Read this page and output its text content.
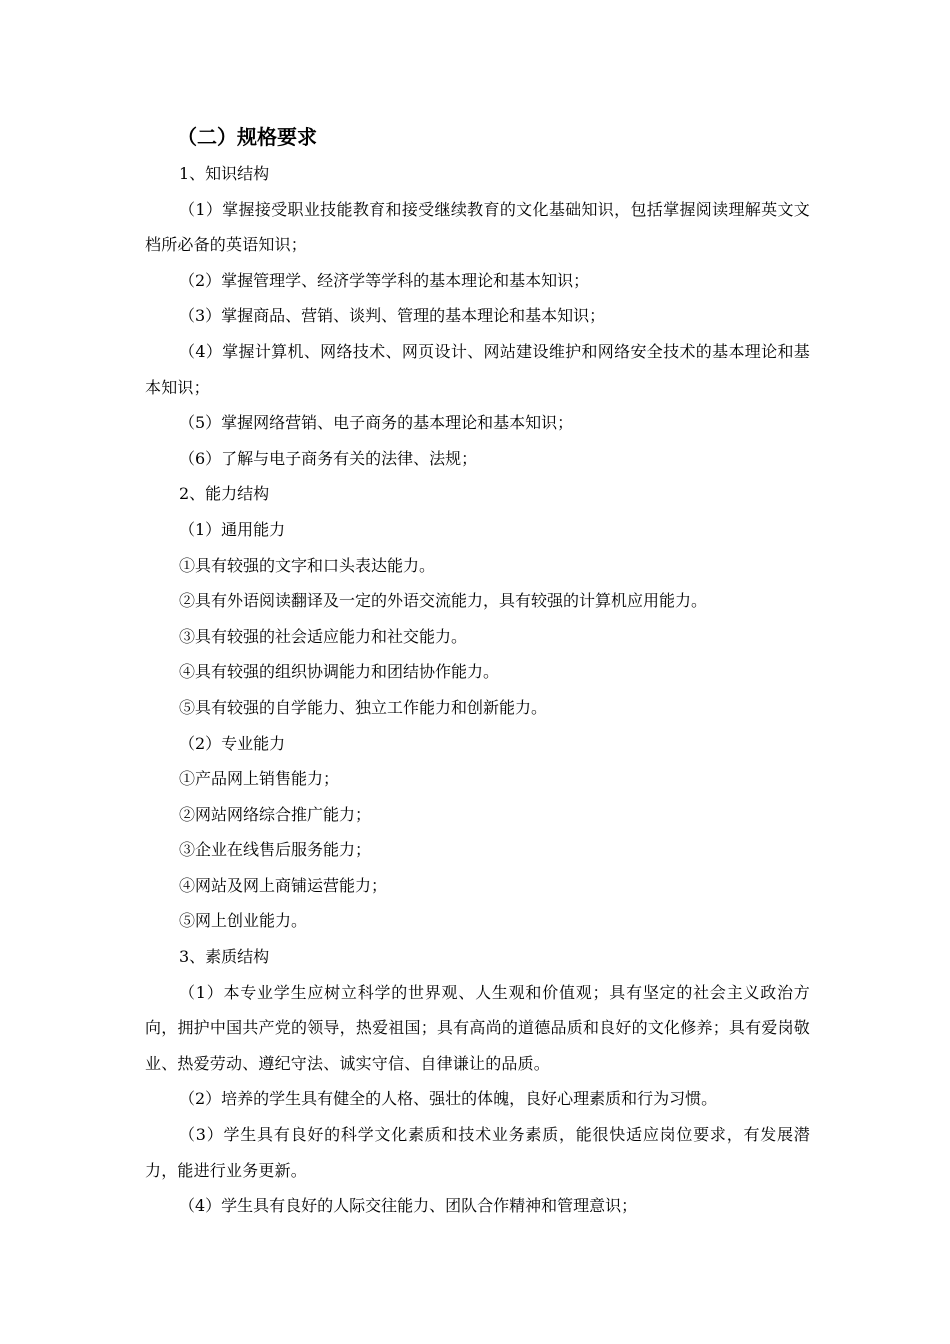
（二）规格要求
1、知识结构
（1）掌握接受职业技能教育和接受继续教育的文化基础知识，包括掌握阅读理解英文文档所必备的英语知识；
（2）掌握管理学、经济学等学科的基本理论和基本知识；
（3）掌握商品、营销、谈判、管理的基本理论和基本知识；
（4）掌握计算机、网络技术、网页设计、网站建设维护和网络安全技术的基本理论和基本知识；
（5）掌握网络营销、电子商务的基本理论和基本知识；
（6）了解与电子商务有关的法律、法规；
2、能力结构
（1）通用能力
①具有较强的文字和口头表达能力。
②具有外语阅读翻译及一定的外语交流能力，具有较强的计算机应用能力。
③具有较强的社会适应能力和社交能力。
④具有较强的组织协调能力和团结协作能力。
⑤具有较强的自学能力、独立工作能力和创新能力。
（2）专业能力
①产品网上销售能力；
②网站网络综合推广能力；
③企业在线售后服务能力；
④网站及网上商铺运营能力；
⑤网上创业能力。
3、素质结构
（1）本专业学生应树立科学的世界观、人生观和价值观；具有坚定的社会主义政治方向，拥护中国共产党的领导，热爱祖国；具有高尚的道德品质和良好的文化修养；具有爱岗敬业、热爱劳动、遵纪守法、诚实守信、自律谦让的品质。
（2）培养的学生具有健全的人格、强壮的体魄，良好心理素质和行为习惯。
（3）学生具有良好的科学文化素质和技术业务素质，能很快适应岗位要求，有发展潜力，能进行业务更新。
（4）学生具有良好的人际交往能力、团队合作精神和管理意识；
